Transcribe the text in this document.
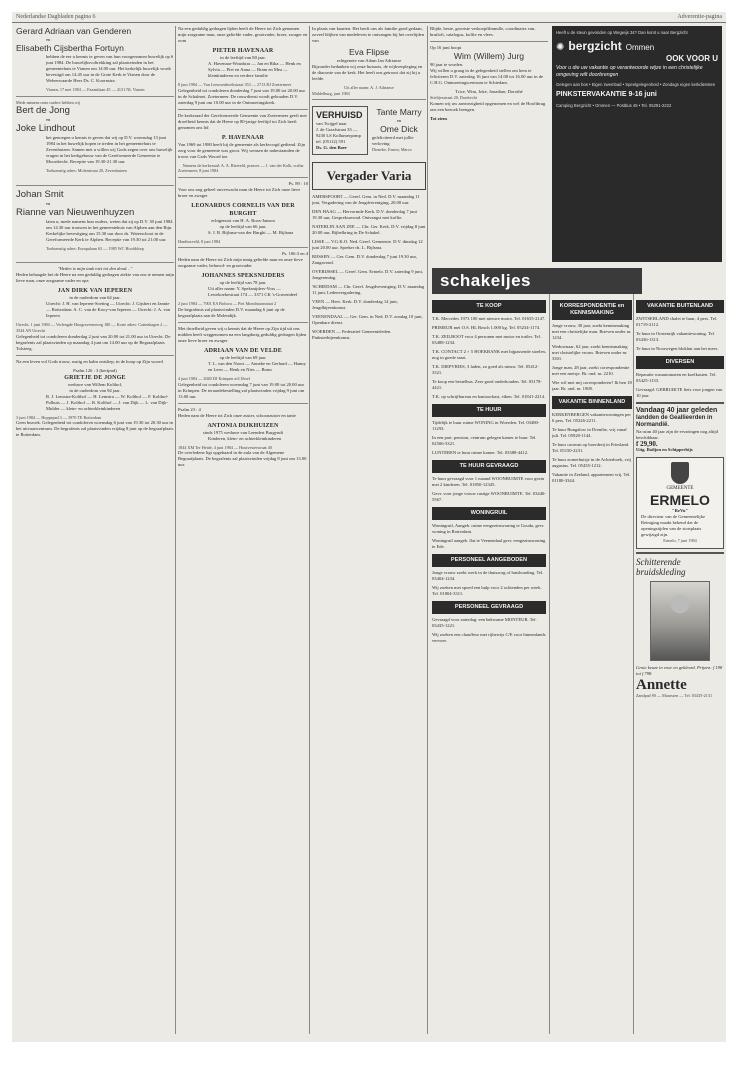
Nederlandse Dagbladen pagina 6	Adverentie-pagina
Gerard Adriaan van Genderen
en
Elisabeth Cijsbertha Fortuyn
hebben de eer u kennis te geven van hun voorgenomen huwelijk op 6 juni 1984. De huwelijksvoltrekking zal plaatsvinden in het gemeentehuis te Vianen om 14.00 uur. Het kerkelijk huwelijk wordt bevestigd om 14.45 uur in de Grote Kerk te Vianen door de Weleerwaarde Heer Ds. C. Koornstra.
Vianen, 17 mei 1984 — Fazantlaan 45 — 4131 NL Vianen
Mede namens onze ouders hebben wij
Bert de Jong
en
Joke Lindhout
het genoegen u kennis te geven dat wij op D.V. woensdag 13 juni 1984 in het huwelijk hopen te treden in het gemeentehuis te Zevenhuizen. Samen met u willen wij Gods zegen over ons huwelijk vragen in het kerkgebouw van de Gereformeerde Gemeente te Moordrecht. Receptie van 19.30-21.30 uur.
Toekomstig adres: Molenstraat 20, Zevenhuizen
Johan Smit
en
Rianne van Nieuwenhuyzen
laten u, mede namens hun ouders, weten dat zij op D.V. 30 juni 1984 om 14.30 uur trouwen in het gemeentehuis van Alphen aan den Rijn. Kerkelijke bevestiging om 15.30 uur door ds. Waterschoot in de Gereformeerde Kerk te Alphen. Receptie van 19.30 tot 21.00 uur.
Toekomstig adres: Europalaan 63 — 1985 WC Hoofddorp
"Heden is mijn taak niet tot den dood…"
Heden behaagde het de Heere na een geduldig gedragen ziekte van ons te nemen mijn lieve man, onze zorgzame vader en opa
JAN DIRK VAN IEPEREN
in de ouderdom van 64 jaar.
Utrecht: J. H. van Ieperen-Soeting — Utrecht: J. Gijsbert en Jannie — Rotterdam: A. C. van de Kooy-van Ieperen — Utrecht: J. A. van Ieperen
Utrecht, 1 juni 1984 — Verlengde Hoogravenseweg 180 — Korte adres: Cattenhagen 2 — 3544 AN Utrecht
Gelegenheid tot condoleren donderdag 2 juni van 20.00 tot 21.00 uur in Utrecht. De begrafenis zal plaatsvinden op maandag 4 juni om 14.00 uur op de Begraafplaats Tolsteeg.
Na een leven vol Gods trouw, rustig en kalm ontsliep, in de hoop op Zijn woord
Psalm 126 : 3 (berijmd)
GRIETJE DE JONGE
weduwe van Willem Kolthof,
in de ouderdom van 94 jaar.
R. J. Lemstra-Kolthof — H. Lemstra — W. Kolthof — F. Kolthof-Polhuis — J. Kolthof — R. Kolthof — J. van Dijk — L. van Dijk-Mulder — klein- en achterkleinkinderen
3 juni 1984 — Hoppepad 3 — 3970 TE Rotterdam
Geen bezoek. Gelegenheid tot condoleren woensdag 6 juni van 19.30 tot 20.30 uur in het uitvaartcentrum. De begrafenis zal plaatsvinden vrijdag 8 juni op de begraafplaats te Rotterdam.
Na een geduldig gedragen lijden heeft de Heere tot Zich genomen mijn zorgzame man, onze geliefde vader, grootvader, broer, zwager en oom
PIETER HAVENAAR
in de leeftijd van 80 jaar.
A. Havenaar-Woudstra — Jan en Rika — Henk en Sylvia — Piet en Anna — Bram en Mea — kleinkinderen en verdere familie
8 juni 1984 — Van Leeuwenhoekstraat 353 — 2713 RJ Zoetermeer
Gelegenheid tot condoleren donderdag 7 juni van 19.00 tot 20.00 uur in de Schalmei, Zoetermeer. De rouwdienst wordt gehouden D.V. zaterdag 9 juni om 10.00 uur in de Ontmoetingskerk.
De kerkeraad der Gereformeerde Gemeente van Zoetermeer geeft met droefheid kennis dat de Heere op 80-jarige leeftijd tot Zich heeft genomen ons lid
P. HAVENAAR
Van 1969 tot 1980 heeft hij de gemeente als kerkvoogd gediend. Zijn zorg voor de gemeente was groot. Wij wensen de nabestaanden de troost van Gods Woord toe.
Namens de kerkeraad: A. A. Rietveld, praeses — J. van der Kolk, scriba
Zoetermeer, 8 juni 1984
Ps. 89 : 10
Voor ons nog geheel onverwacht nam de Heere tot Zich onze lieve broer en zwager
LEONARDUS CORNELIS VAN DER BURGHT
echtgenoot van H. A. Roos-Janson
op de leeftijd van 66 jaar.
S. J. B. Bijlsma-van der Burght — M. Bijlsma
Hardinxveld, 8 juni 1984
Ps. 106:3 en 4
Heden nam de Heere tot Zich mijn innig geliefde man en onze lieve zorgzame vader, behuwd- en grootvader
JOHANNES SPEKSNIJDERS
op de leeftijd van 78 jaar.
Uit aller naam: Y. Speksnijders-Voss — Lewekoekestraat 174 — 3371 CK 's-Gravendeel
2 juni 1984 — 7001 EA Bolswa — Piet Mondriaanstraat 2
De begrafenis zal plaatsvinden D.V. maandag 6 juni op de begraafplaats aan de Molendijk.
Met droefheid geven wij u kennis dat de Heere op Zijn tijd uit ons midden heeft weggenomen na een langdurig geduldig gedragen lijden onze lieve broer en zwager
ADRIAAN VAN DE VELDE
op de leeftijd van 69 jaar.
T. L. van den Noort — Anneke en Gerhard — Hanny en Leen — Henk en Nies — Bram
4 juni 1984 — 2040 DJ Krimpen a/d IJssel
Gelegenheid tot condoleren woensdag 7 juni van 19.00 tot 20.00 uur in Krimpen. De teraardebestelling zal plaatsvinden vrijdag 9 juni om 13.00 uur.
Psalm 23 : 4
Heden nam de Heere tot Zich onze zuster, schoonzuster en tante
ANTONIA DIJKHUIZEN
sinds 1975 weduwe van Leendert Burgyndt
Kinderen, klein- en achterkleinkinderen
1844 XM Ter Heide, 4 juni 1984 — Houtvesterstraat 40
De overledene ligt opgebaard in de aula van de Algemene Begraafplaats. De begrafenis zal plaatsvinden vrijdag 8 juni om 13.00 uur.
In plaats van kaarten. Het heeft ons als familie goed gedaan, zoveel blijken van medeleven te ontvangen bij het overlijden van
Eva Flipse
echtgenote van Adam Jan Adrianse
Bijzonder bedanken wij onze huisarts, de wijkverpleging en de diaconie van de kerk. Het heeft ons getroost dat zij bij u leefde.
Uit aller naam: A. J. Adrianse
Middelburg, juni 1984
VERHUISD
van Twijgel naar
J. de Graafstraat 33 — 9230 LS Kollumerpomp
tel. (05112) 591
Ds. G. den Boer
Tante Marry
en
Ome Dick
gefeliciteerd met jullie verloving
Dieneke, Ernest, Marco
Vergader Varia
AMERSFOORT — Geref. Gem. in Ned. D.V. maandag 11 juni, Vergadering van de Jeugdvereniging, 20.00 uur.
DEN HAAG — Hervormde Kerk. D.V. donderdag 7 juni 19.30 uur, Gespreksavond. Ontvangst met koffie.
NATERLIN AAN ZEE — Chr. Ger. Kerk. D.V. vrijdag 8 juni 20.00 uur, Bijbelkring in De Schakel.
LISSE — V.G.K.O. Ned. Geref. Gemeente. D.V. dinsdag 12 juni 20.00 uur. Spreker ds. L. Bijlsma.
RIJSSEN — Ger. Gem. D.V. donderdag 7 juni 19.30 uur, Zangavond.
OVERIJSSEL — Geref. Gem. Ermelo. D.V. zaterdag 9 juni, Jongerendag.
'SCHIEDAM — Chr. Geref. Jeugdvereniging. D.V. maandag 11 juni, Ledenvergadering.
VEEN — Herv. Kerk. D.V. donderdag 14 juni, Jeugdbijeenkomst.
VEENENDAAL — Ger. Gem. in Ned. D.V. zondag 10 juni, Openbare dienst.
WOERDEN — Federatief Gemeenteleden. Pinksterbijeenkomst.
Blijde, beste, grootste verkoopfilmnulle, coordinates van, bruiloft, catalogus, koffie en vlees.
Op 16 juni hoopt
Wim (Willem) Jurg
90 jaar te worden.
Wij willen u graag in de gelegenheid stellen om hem te feliciteren D.V. zaterdag 16 juni van 14.00 tot 16.00 uur in de C.H.G. Ontmoetingscentrum te Schiedam.
Trice, Wim, Joke, Jonathan, Dorothé
Stieltjesstraat 20, Dordrecht
Komen wij uw aanwezigheid opgenomen en wel de Hooftbrug ons een bezoek brengen.
Tot ziens
schakeljes
TE KOOP
T.K. Mercedes 1973 100 met nieuwe motor. Tel. 01655-2147.
PRIMEUR mei O.S. HL Bosch 1.000 kg. Tel. 05234-1174.
T.K. ZEILBOOT voor 4 personen met motor en trailer. Tel. 03488-1234.
T.K. CONTACT 2 × 5 HOEKBANK met bijpassende stoelen, nog in goede staat.
T.K. DIEPVRIES, 3 laden, zo goed als nieuw. Tel. 05412-3321.
Te koop een bestelbus. Zeer goed onderhouden. Tel. 03178-4421.
T.K. op schrijfbureau en kantoorkast, eiken. Tel. 01841-2214.
TE HUUR
Tijdelijk te huur ruime WONING in Woerden. Tel. 03480-11293.
In een part. pension, centrum gelegen kamer te huur. Tel. 02506-3321.
LUNTEREN te huur ruime kamer. Tel. 03388-4412.
TE HUUR GEVRAAGD
Te huur gevraagd voor 1 maand WOONRUIMTE voor gezin met 2 kinderen. Tel. 01850-12345.
Gevr. voor jonge vrouw rustige WOONRUIMTE. Tel. 03440-5567.
WONINGRUIL
Woningruil, Aangeb. ruime eengezinswoning te Gouda, gevr. woning in Rotterdam.
Woningruil aangeb. flat te Veenendaal gevr. eengezinswoning te Ede.
PERSONEEL AANGEBODEN
Jonge vrouw zoekt werk in de thuiszorg of huishouding. Tel. 03404-1234.
Wij zoeken met spoed een hulp voor 2 ochtenden per week. Tel. 01804-3311.
PERSONEEL GEVRAAGD
Gevraagd voor zaterdag: een bekwame MONTEUR. Tel. 03435-1221.
Wij zoeken een chauffeur met rijbewijs C/E voor binnenlands vervoer.
KORRESPONDENTIE en KENNISMAKING
Jonge vrouw, 30 jaar, zoekt kennismaking met een christelijke man. Brieven onder nr. 1234.
Weduwnaar, 62 jaar, zoekt kennismaking met christelijke vrouw. Brieven onder nr. 3301.
Jonge man, 28 jaar, zoekt correspondentie met een meisje. Br. ond. nr. 2210.
Wie wil met mij corresponderen? Ik ben 18 jaar. Br. ond. nr. 1908.
VAKANTIE BINNENLAND
KERKENBERGEN vakantiewoningen per 6 pers. Tel. 05226-2211.
Te huur Bungalow in Drenthe, vrij vanaf juli. Tel. 05920-1144.
Te huur caravan op boerderij in Friesland. Tel. 05150-2231.
Te huur zomerhuisje in de Achterhoek, vrij augustus. Tel. 05435-1212.
Vakantie in Zeeland, appartement vrij. Tel. 01180-3344.
Heeft u de steun gevonden op Wegwijs 34? Dan komt u naar Bergzicht
✺ bergzicht Ommen
OOK VOOR U
Voor u die uw vakantie op verantwoorde wijze in een christelijke omgeving wilt doorbrengen
Gelegen aan bos • Eigen zwembad • Speelgelegenheid • Zondags eigen kerkdiensten
PINKSTERVAKANTIE 9-16 juni
Camping Bergzicht • Ommen — Postbus 45 • Tel. 05291-2222
VAKANTIE BUITENLAND
ZWITSERLAND chalet te huur, 4 pers. Tel. 01719-2112.
Te huur in Oostenrijk vakantiewoning. Tel. 03436-1313.
Te huur in Noorwegen blokhut aan het meer.
DIVERSEN
Reparatie wasautomaten en koelkasten. Tel. 03425-1133.
Gevraagd: GEBRUIKTE fiets voor jongen van 10 jaar.
Vandaag 40 jaar geleden
landden de Geallieerden in Normandië.
Na ruim 40 jaar zijn de ervaringen nog altijd beschikbaar.
f 29,90.
Uitg. Boiljon en Schipperbijs
GEMEENTE
ERMELO
"ReVu"
De directeur van de Gemeentelijke Reiniging maakt bekend dat de openingstijden van de stortplaats gewijzigd zijn.
Ermelo, 7 juni 1984
Schitterende bruidskleding
Grote keuze in voor en gekleurd. Prijzen: f 198 tot f 798.
Annette
Zandpad 90 — Maarssen — Tel. 03435-2131
